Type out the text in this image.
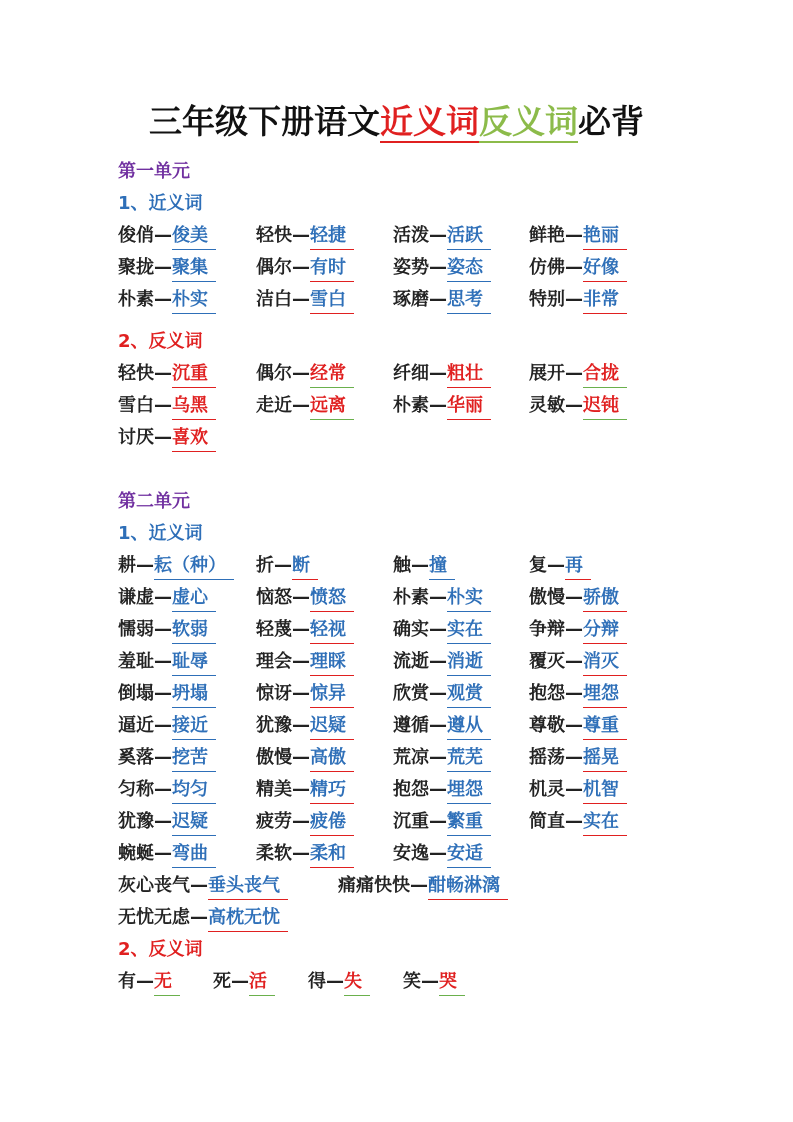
三年级下册语文近义词反义词必背
第一单元
1、近义词
俊俏—俊美	轻快—轻捷	活泼—活跃	鲜艳—艳丽
聚拢—聚集	偶尔—有时	姿势—姿态	仿佛—好像
朴素—朴实	洁白—雪白	琢磨—思考	特别—非常
2、反义词
轻快—沉重	偶尔—经常	纤细—粗壮	展开—合拢
雪白—乌黑	走近—远离	朴素—华丽	灵敏—迟钝
讨厌—喜欢
第二单元
1、近义词
耕—耘（种）	折—断	触—撞	复—再
谦虚—虚心	恼怒—愤怒	朴素—朴实	傲慢—骄傲
懦弱—软弱	轻蔑—轻视	确实—实在	争辩—分辩
羞耻—耻辱	理会—理睬	流逝—消逝	覆灭—消灭
倒塌—坍塌	惊讶—惊异	欣赏—观赏	抱怨—埋怨
逼近—接近	犹豫—迟疑	遵循—遵从	尊敬—尊重
奚落—挖苦	傲慢—高傲	荒凉—荒芜	摇荡—摇晃
匀称—均匀	精美—精巧	抱怨—埋怨	机灵—机智
犹豫—迟疑	疲劳—疲倦	沉重—繁重	简直—实在
蜿蜒—弯曲	柔软—柔和	安逸—安适
灰心丧气—垂头丧气	痛痛快快—酣畅淋漓
无忧无虑—高枕无忧
2、反义词
有—无	死—活	得—失	笑—哭
